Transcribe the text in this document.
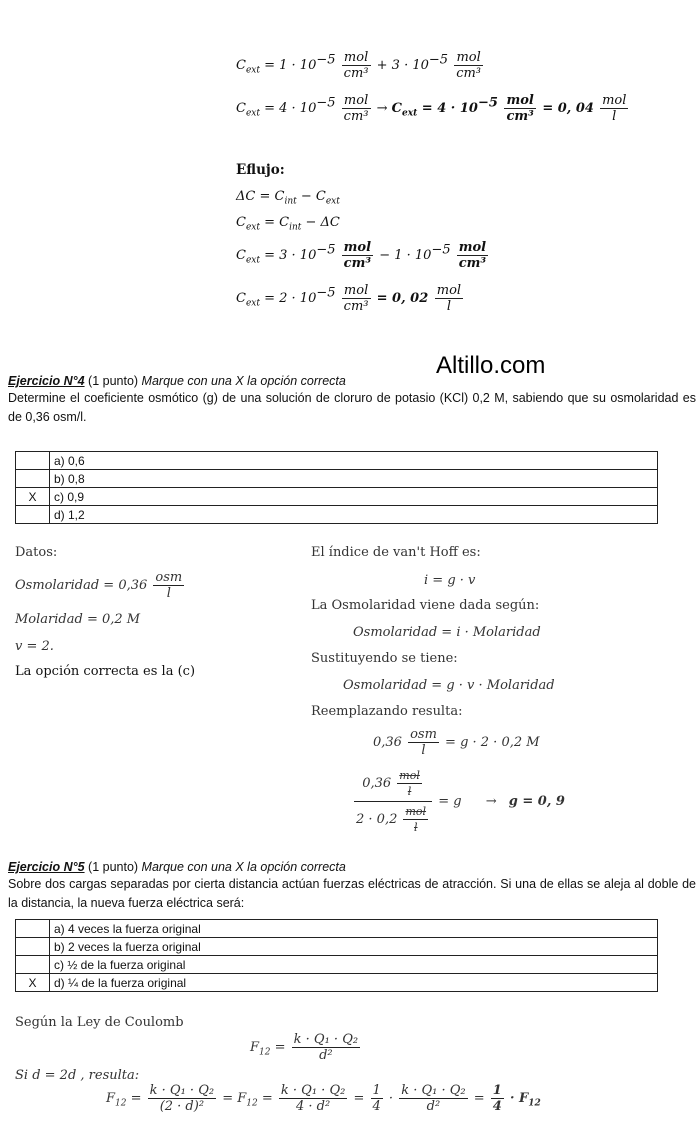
Altillo.com
$C_{ext} = 1 \cdot 10^{-5} \frac{\text{mol}}{\text{cm³}} + 3 \cdot 10^{-5} \frac{\text{mol}}{\text{cm³}}$
$C_{ext} = 4 \cdot 10^{-5} \frac{\text{mol}}{\text{cm³}} \to C_{ext} = 4 \cdot 10^{-5} \frac{\text{mol}}{\text{cm³}} = 0$, $04 \frac{\text{mol}}{l}$
Eflujo:
$\Delta C = C_{int} - C_{ext}$
$C_{ext} = C_{int} - \Delta C$
$C_{ext} = 3 \cdot 10^{-5} \frac{\text{mol}}{\text{cm³}} - 1 \cdot 10^{-5} \frac{\text{mol}}{\text{cm³}}$
$C_{ext} = 2 \cdot 10^{-5} \frac{\text{mol}}{\text{cm³}} = 0$, $02 \frac{\text{mol}}{l}$
Ejercicio N°4 (1 punto) Marque con una X la opción correcta
Determine el coeficiente osmótico (g) de una solución de cloruro de potasio (KCl) 0,2 M, sabiendo que su osmolaridad es de 0,36 osm/l.
	a) 0,6
	b) 0,8
X	c) 0,9
	d) 1,2
Datos:
Osmolaridad = $0,36 \frac{\text{osm}}{l}$
Molaridad = 0,2 M
v = 2.
La opción correcta es la (c)
El índice de van't Hoff es:
i = g · v
La Osmolaridad viene dada según:
Osmolaridad = i · Molaridad
Sustituyendo se tiene:
Osmolaridad = g · v · Molaridad
Reemplazando resulta:
$0,36 \frac{\text{osm}}{l} = g \cdot 2 \cdot 0,2$ M
$\frac{0,36 \frac{\text{mol}}{l}}{2 \cdot 0,2 \frac{\text{mol}}{l}} = g \to g = 0$, 9
Ejercicio N°5 (1 punto) Marque con una X la opción correcta
Sobre dos cargas separadas por cierta distancia actúan fuerzas eléctricas de atracción. Si una de ellas se aleja al doble de la distancia, la nueva fuerza eléctrica será:
	a) 4 veces la fuerza original
	b) 2 veces la fuerza original
	c) ½ de la fuerza original
X	d) ¼ de la fuerza original
Según la Ley de Coulomb
$F_{12} = \frac{\text{k · Q₁ · Q₂}}{\text{d²}}$
Si d = 2d , resulta:
$F_{12} = \frac{\text{k · Q₁ · Q₂}}{\text{(2 · d)²}} = F_{12} = \frac{\text{k · Q₁ · Q₂}}{\text{4 · d²}} = \frac{1}{4} \cdot \frac{\text{k · Q₁ · Q₂}}{\text{d²}} = \frac{1}{4} \cdot F_{12}$
